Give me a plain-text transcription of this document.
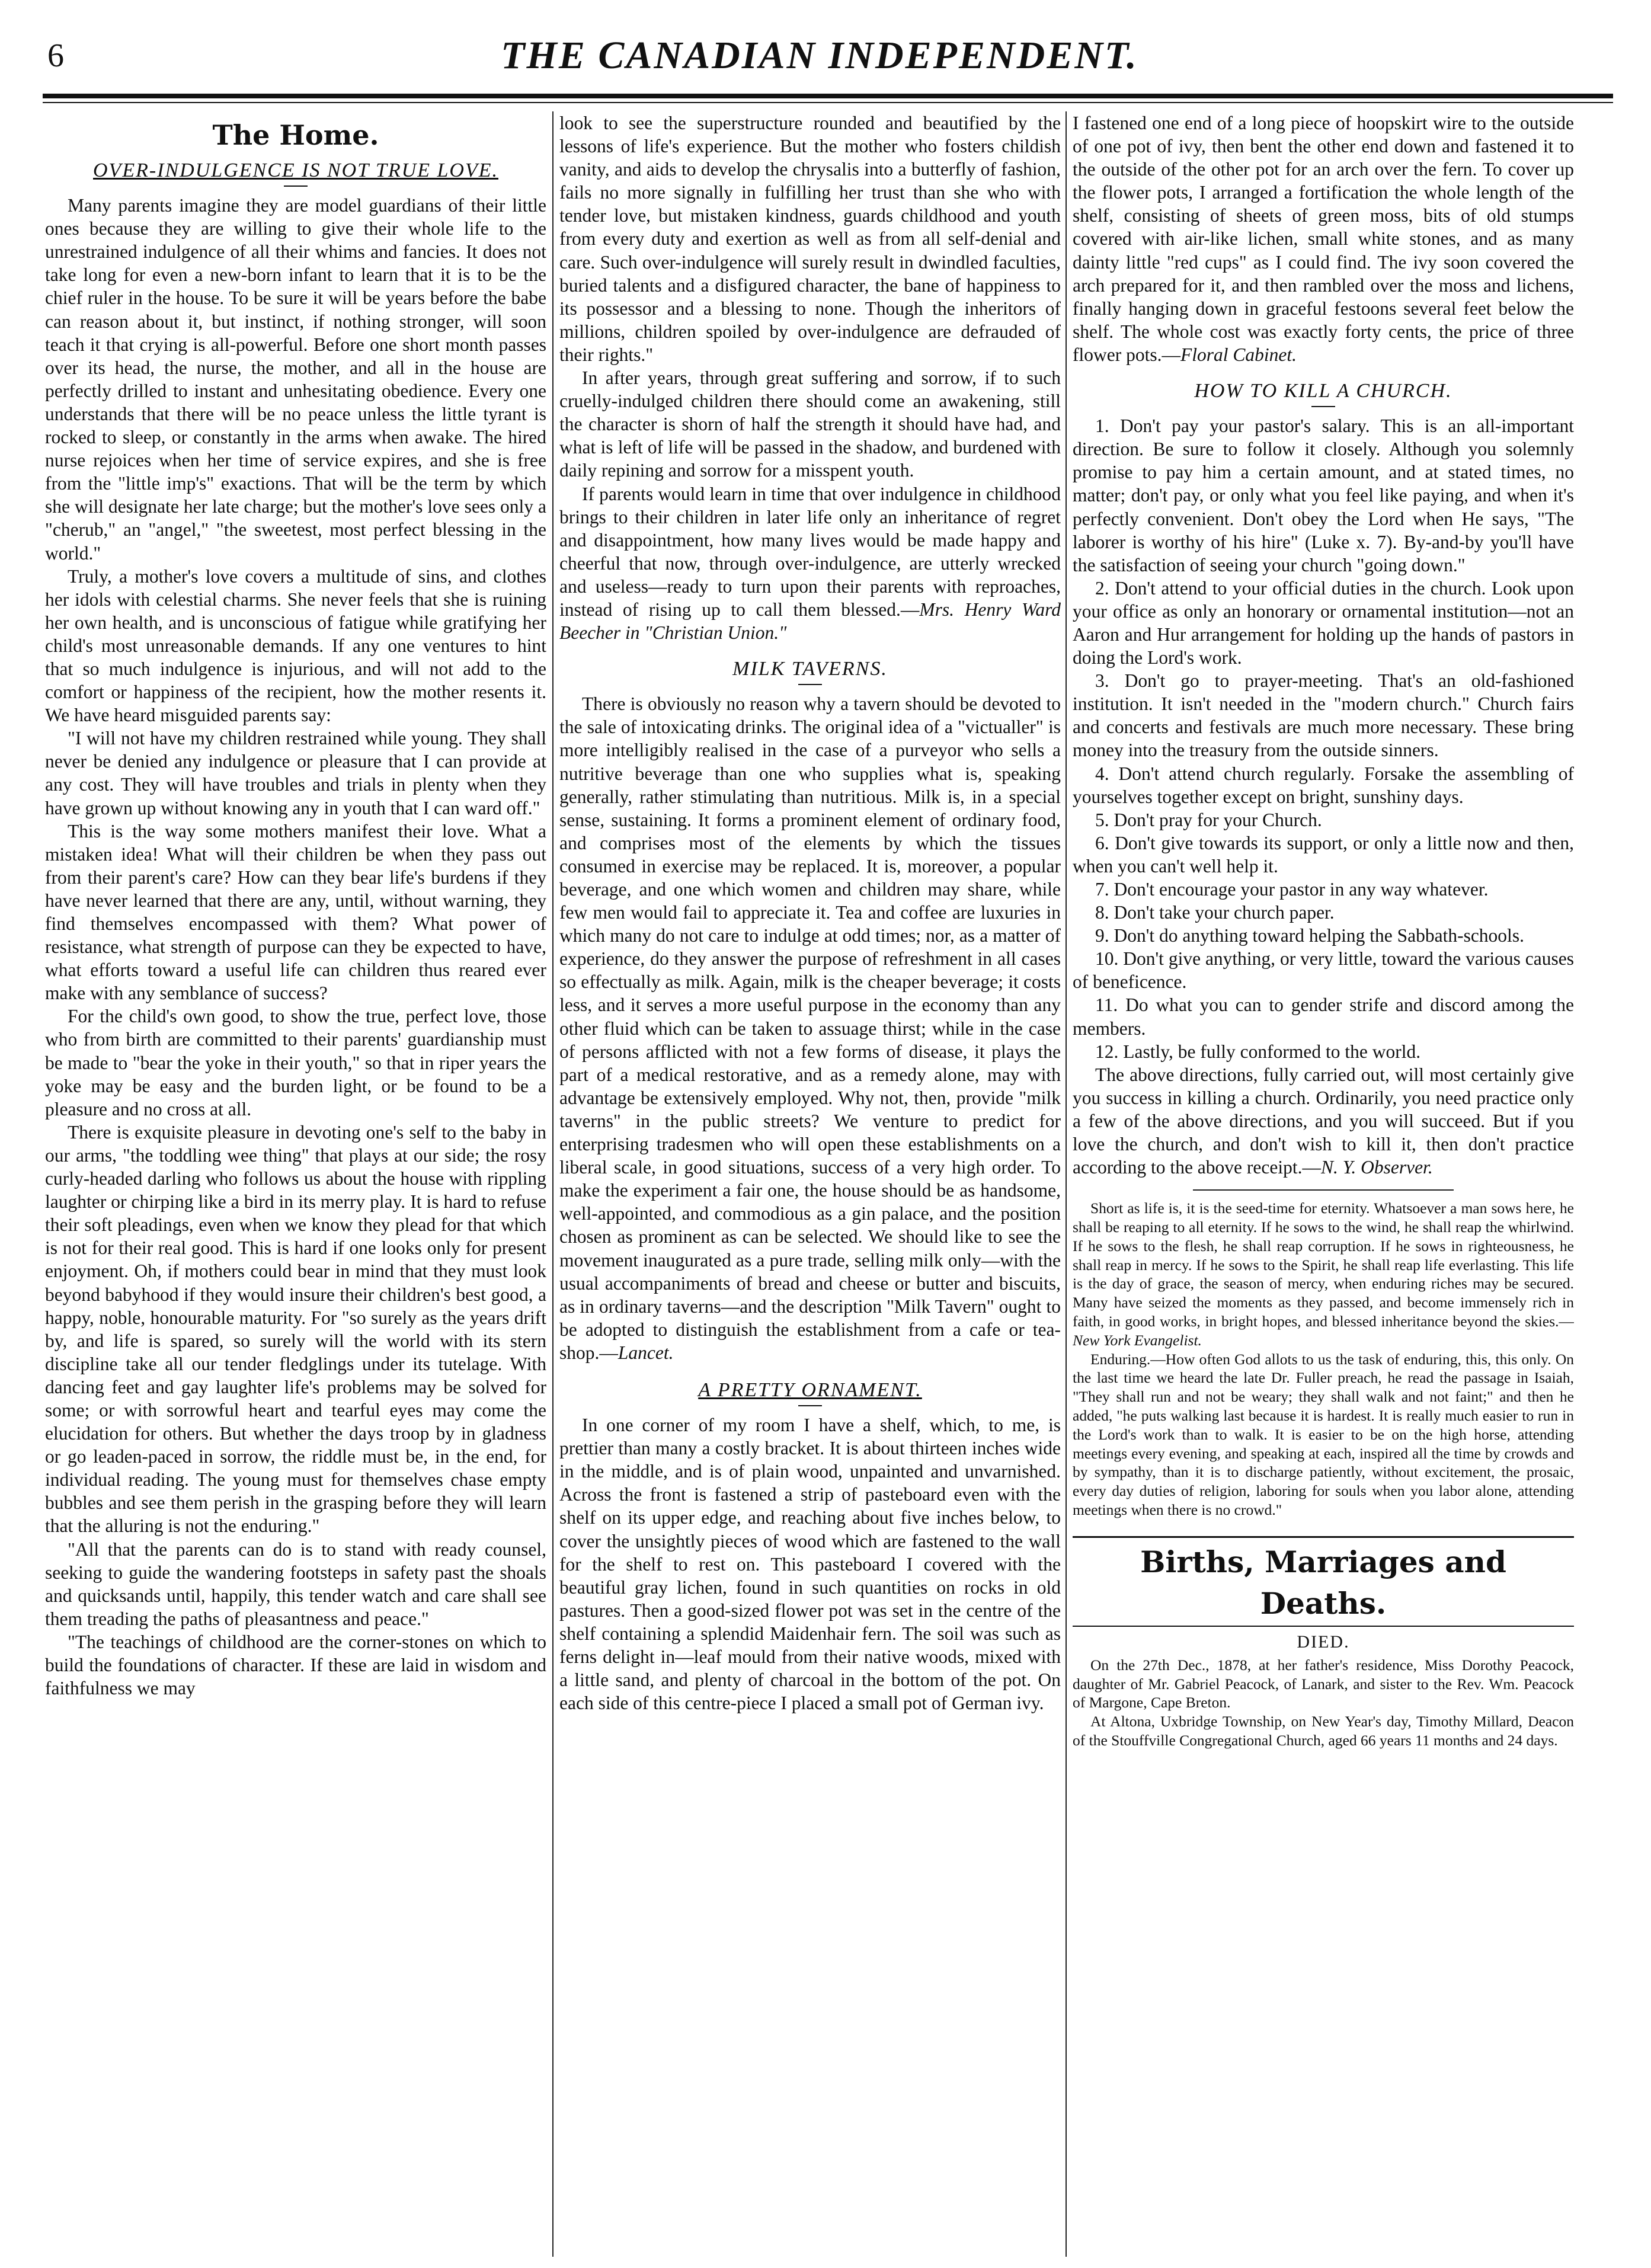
6	THE CANADIAN INDEPENDENT.
The Home.
OVER-INDULGENCE IS NOT TRUE LOVE.

Many parents imagine they are model guardians of their little ones because they are willing to give their whole life to the unrestrained indulgence of all their whims and fancies. It does not take long for even a new-born infant to learn that it is to be the chief ruler in the house. To be sure it will be years before the babe can reason about it, but instinct, if nothing stronger, will soon teach it that crying is all-powerful. Before one short month passes over its head, the nurse, the mother, and all in the house are perfectly drilled to instant and unhesitating obedience. Every one understands that there will be no peace unless the little tyrant is rocked to sleep, or constantly in the arms when awake. The hired nurse rejoices when her time of service expires, and she is free from the "little imp's" exactions. That will be the term by which she will designate her late charge; but the mother's love sees only a "cherub," an "angel," "the sweetest, most perfect blessing in the world."

Truly, a mother's love covers a multitude of sins, and clothes her idols with celestial charms. She never feels that she is ruining her own health, and is unconscious of fatigue while gratifying her child's most unreasonable demands. If any one ventures to hint that so much indulgence is injurious, and will not add to the comfort or happiness of the recipient, how the mother resents it. We have heard misguided parents say:

"I will not have my children restrained while young. They shall never be denied any indulgence or pleasure that I can provide at any cost. They will have troubles and trials in plenty when they have grown up without knowing any in youth that I can ward off."

This is the way some mothers manifest their love. What a mistaken idea! What will their children be when they pass out from their parent's care? How can they bear life's burdens if they have never learned that there are any, until, without warning, they find themselves encompassed with them? What power of resistance, what strength of purpose can they be expected to have, what efforts toward a useful life can children thus reared ever make with any semblance of success?

For the child's own good, to show the true, perfect love, those who from birth are committed to their parents' guardianship must be made to "bear the yoke in their youth," so that in riper years the yoke may be easy and the burden light, or be found to be a pleasure and no cross at all.

There is exquisite pleasure in devoting one's self to the baby in our arms, "the toddling wee thing" that plays at our side; the rosy curly-headed darling who follows us about the house with rippling laughter or chirping like a bird in its merry play. It is hard to refuse their soft pleadings, even when we know they plead for that which is not for their real good. This is hard if one looks only for present enjoyment. Oh, if mothers could bear in mind that they must look beyond babyhood if they would insure their children's best good, a happy, noble, honourable maturity. For "so surely as the years drift by, and life is spared, so surely will the world with its stern discipline take all our tender fledglings under its tutelage. With dancing feet and gay laughter life's problems may be solved for some; or with sorrowful heart and tearful eyes may come the elucidation for others. But whether the days troop by in gladness or go leaden-paced in sorrow, the riddle must be, in the end, for individual reading. The young must for themselves chase empty bubbles and see them perish in the grasping before they will learn that the alluring is not the enduring."

"All that the parents can do is to stand with ready counsel, seeking to guide the wandering footsteps in safety past the shoals and quicksands until, happily, this tender watch and care shall see them treading the paths of pleasantness and peace."

"The teachings of childhood are the corner-stones on which to build the foundations of character. If these are laid in wisdom and faithfulness we may

look to see the superstructure rounded and beautified by the lessons of life's experience. But the mother who fosters childish vanity, and aids to develop the chrysalis into a butterfly of fashion, fails no more signally in fulfilling her trust than she who with tender love, but mistaken kindness, guards childhood and youth from every duty and exertion as well as from all self-denial and care. Such over-indulgence will surely result in dwindled faculties, buried talents and a disfigured character, the bane of happiness to its possessor and a blessing to none. Though the inheritors of millions, children spoiled by over-indulgence are defrauded of their rights."

In after years, through great suffering and sorrow, if to such cruelly-indulged children there should come an awakening, still the character is shorn of half the strength it should have had, and what is left of life will be passed in the shadow, and burdened with daily repining and sorrow for a misspent youth.

If parents would learn in time that over indulgence in childhood brings to their children in later life only an inheritance of regret and disappointment, how many lives would be made happy and cheerful that now, through over-indulgence, are utterly wrecked and useless—ready to turn upon their parents with reproaches, instead of rising up to call them blessed.—Mrs. Henry Ward Beecher in "Christian Union."

MILK TAVERNS.

There is obviously no reason why a tavern should be devoted to the sale of intoxicating drinks. The original idea of a "victualler" is more intelligibly realised in the case of a purveyor who sells a nutritive beverage than one who supplies what is, speaking generally, rather stimulating than nutritious. Milk is, in a special sense, sustaining. It forms a prominent element of ordinary food, and comprises most of the elements by which the tissues consumed in exercise may be replaced. It is, moreover, a popular beverage, and one which women and children may share, while few men would fail to appreciate it. Tea and coffee are luxuries in which many do not care to indulge at odd times; nor, as a matter of experience, do they answer the purpose of refreshment in all cases so effectually as milk. Again, milk is the cheaper beverage; it costs less, and it serves a more useful purpose in the economy than any other fluid which can be taken to assuage thirst; while in the case of persons afflicted with not a few forms of disease, it plays the part of a medical restorative, and as a remedy alone, may with advantage be extensively employed. Why not, then, provide "milk taverns" in the public streets? We venture to predict for enterprising tradesmen who will open these establishments on a liberal scale, in good situations, success of a very high order. To make the experiment a fair one, the house should be as handsome, well-appointed, and commodious as a gin palace, and the position chosen as prominent as can be selected. We should like to see the movement inaugurated as a pure trade, selling milk only—with the usual accompaniments of bread and cheese or butter and biscuits, as in ordinary taverns—and the description "Milk Tavern" ought to be adopted to distinguish the establishment from a cafe or tea-shop.—Lancet.

A PRETTY ORNAMENT.

In one corner of my room I have a shelf, which, to me, is prettier than many a costly bracket. It is about thirteen inches wide in the middle, and is of plain wood, unpainted and unvarnished. Across the front is fastened a strip of pasteboard even with the shelf on its upper edge, and reaching about five inches below, to cover the unsightly pieces of wood which are fastened to the wall for the shelf to rest on. This pasteboard I covered with the beautiful gray lichen, found in such quantities on rocks in old pastures. Then a good-sized flower pot was set in the centre of the shelf containing a splendid Maidenhair fern. The soil was such as ferns delight in—leaf mould from their native woods, mixed with a little sand, and plenty of charcoal in the bottom of the pot. On each side of this centre-piece I placed a small pot of German ivy.

I fastened one end of a long piece of hoopskirt wire to the outside of one pot of ivy, then bent the other end down and fastened it to the outside of the other pot for an arch over the fern. To cover up the flower pots, I arranged a fortification the whole length of the shelf, consisting of sheets of green moss, bits of old stumps covered with air-like lichen, small white stones, and as many dainty little "red cups" as I could find. The ivy soon covered the arch prepared for it, and then rambled over the moss and lichens, finally hanging down in graceful festoons several feet below the shelf. The whole cost was exactly forty cents, the price of three flower pots.—Floral Cabinet.

HOW TO KILL A CHURCH.

1. Don't pay your pastor's salary. This is an all-important direction. Be sure to follow it closely. Although you solemnly promise to pay him a certain amount, and at stated times, no matter; don't pay, or only what you feel like paying, and when it's perfectly convenient. Don't obey the Lord when He says, "The laborer is worthy of his hire" (Luke x. 7). By-and-by you'll have the satisfaction of seeing your church "going down."

2. Don't attend to your official duties in the church. Look upon your office as only an honorary or ornamental institution—not an Aaron and Hur arrangement for holding up the hands of pastors in doing the Lord's work.

3. Don't go to prayer-meeting. That's an old-fashioned institution. It isn't needed in the "modern church." Church fairs and concerts and festivals are much more necessary. These bring money into the treasury from the outside sinners.

4. Don't attend church regularly. Forsake the assembling of yourselves together except on bright, sunshiny days.

5. Don't pray for your Church.

6. Don't give towards its support, or only a little now and then, when you can't well help it.

7. Don't encourage your pastor in any way whatever.

8. Don't take your church paper.

9. Don't do anything toward helping the Sabbath-schools.

10. Don't give anything, or very little, toward the various causes of beneficence.

11. Do what you can to gender strife and discord among the members.

12. Lastly, be fully conformed to the world.

The above directions, fully carried out, will most certainly give you success in killing a church. Ordinarily, you need practice only a few of the above directions, and you will succeed. But if you love the church, and don't wish to kill it, then don't practice according to the above receipt.—N. Y. Observer.

Short as life is, it is the seed-time for eternity. Whatsoever a man sows here, he shall be reaping to all eternity. If he sows to the wind, he shall reap the whirlwind. If he sows to the flesh, he shall reap corruption. If he sows in righteousness, he shall reap in mercy. If he sows to the Spirit, he shall reap life everlasting. This life is the day of grace, the season of mercy, when enduring riches may be secured. Many have seized the moments as they passed, and become immensely rich in faith, in good works, in bright hopes, and blessed inheritance beyond the skies.—New York Evangelist.

Enduring.—How often God allots to us the task of enduring, this, this only. On the last time we heard the late Dr. Fuller preach, he read the passage in Isaiah, "They shall run and not be weary; they shall walk and not faint;" and then he added, "he puts walking last because it is hardest. It is really much easier to run in the Lord's work than to walk. It is easier to be on the high horse, attending meetings every evening, and speaking at each, inspired all the time by crowds and by sympathy, than it is to discharge patiently, without excitement, the prosaic, every day duties of religion, laboring for souls when you labor alone, attending meetings when there is no crowd."

Births, Marriages and Deaths.
DIED.

On the 27th Dec., 1878, at her father's residence, Miss Dorothy Peacock, daughter of Mr. Gabriel Peacock, of Lanark, and sister to the Rev. Wm. Peacock of Margone, Cape Breton.

At Altona, Uxbridge Township, on New Year's day, Timothy Millard, Deacon of the Stouffville Congregational Church, aged 66 years 11 months and 24 days.
